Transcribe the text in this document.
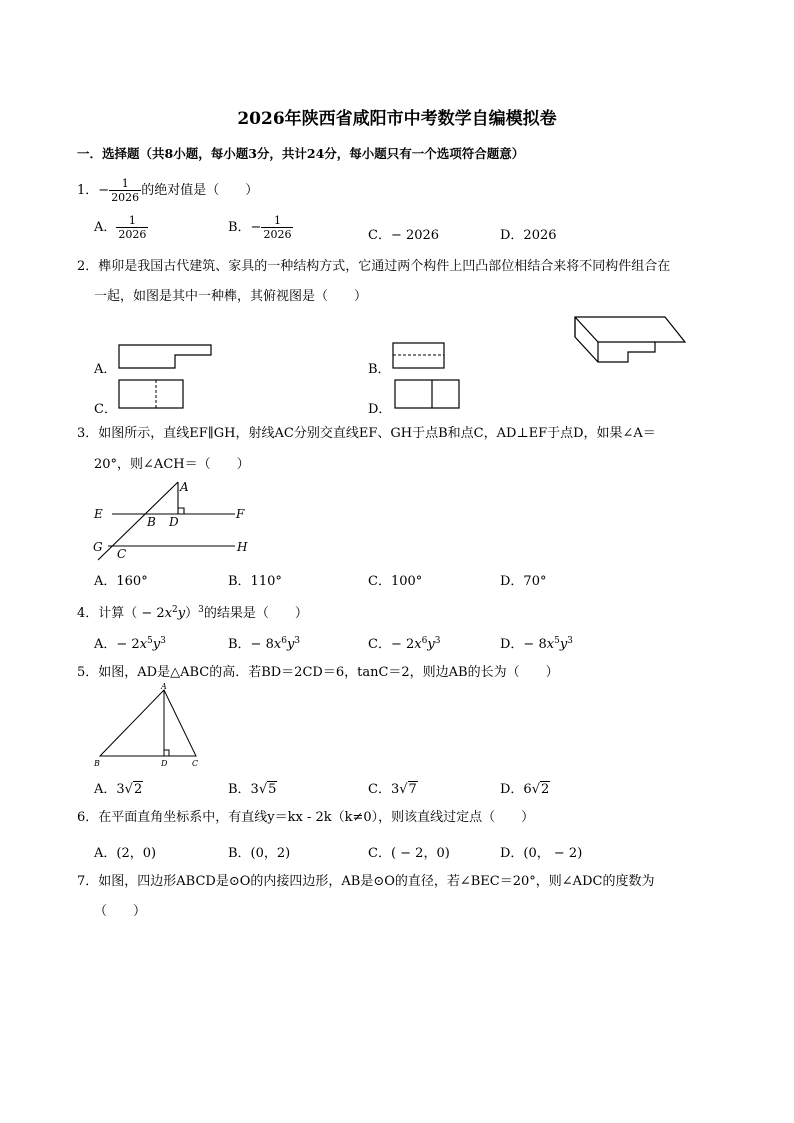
2026年陕西省咸阳市中考数学自编模拟卷
一．选择题（共8小题，每小题3分，共计24分，每小题只有一个选项符合题意）
1．− $\frac{1}{2026}$ 的绝对值是（　　）
A． $\frac{1}{2026}$	B．− $\frac{1}{2026}$	C．− 2026	D．2026
2．榫卯是我国古代建筑、家具的一种结构方式，它通过两个构件上凹凸部位相结合来将不同构件组合在
一起，如图是其中一种榫，其俯视图是（　　）
A．	B．
C．	D．
3．如图所示，直线EF∥GH，射线AC分别交直线EF、GH于点B和点C，AD⊥EF于点D，如果∠A＝
20°，则∠ACH＝（　　）
A
E
B D
F
G C	H
A．160°	B．110°	C．100°	D．70°
4．计算（ − $2x^2y)^3$的结果是（　　）
A．− $2x^5y^3$	B．− $8x^6y^3$	C．− $2x^6y^3$	D．− $8x^5y^3$
5．如图，AD是△ABC的高．若BD＝2CD＝6，tanC＝2，则边AB的长为（　　）
A
B	D	C
A．3√2	B．3√5	C．3√7	D．6√2
6．在平面直角坐标系中，有直线y＝kx - 2k（k≠0），则该直线过定点（　　）
A．(2，0)	B．(0，2)	C．( − 2，0)	D．(0， − 2)
7．如图，四边形ABCD是⊙O的内接四边形，AB是⊙O的直径，若∠BEC＝20°，则∠ADC的度数为
（　　）
